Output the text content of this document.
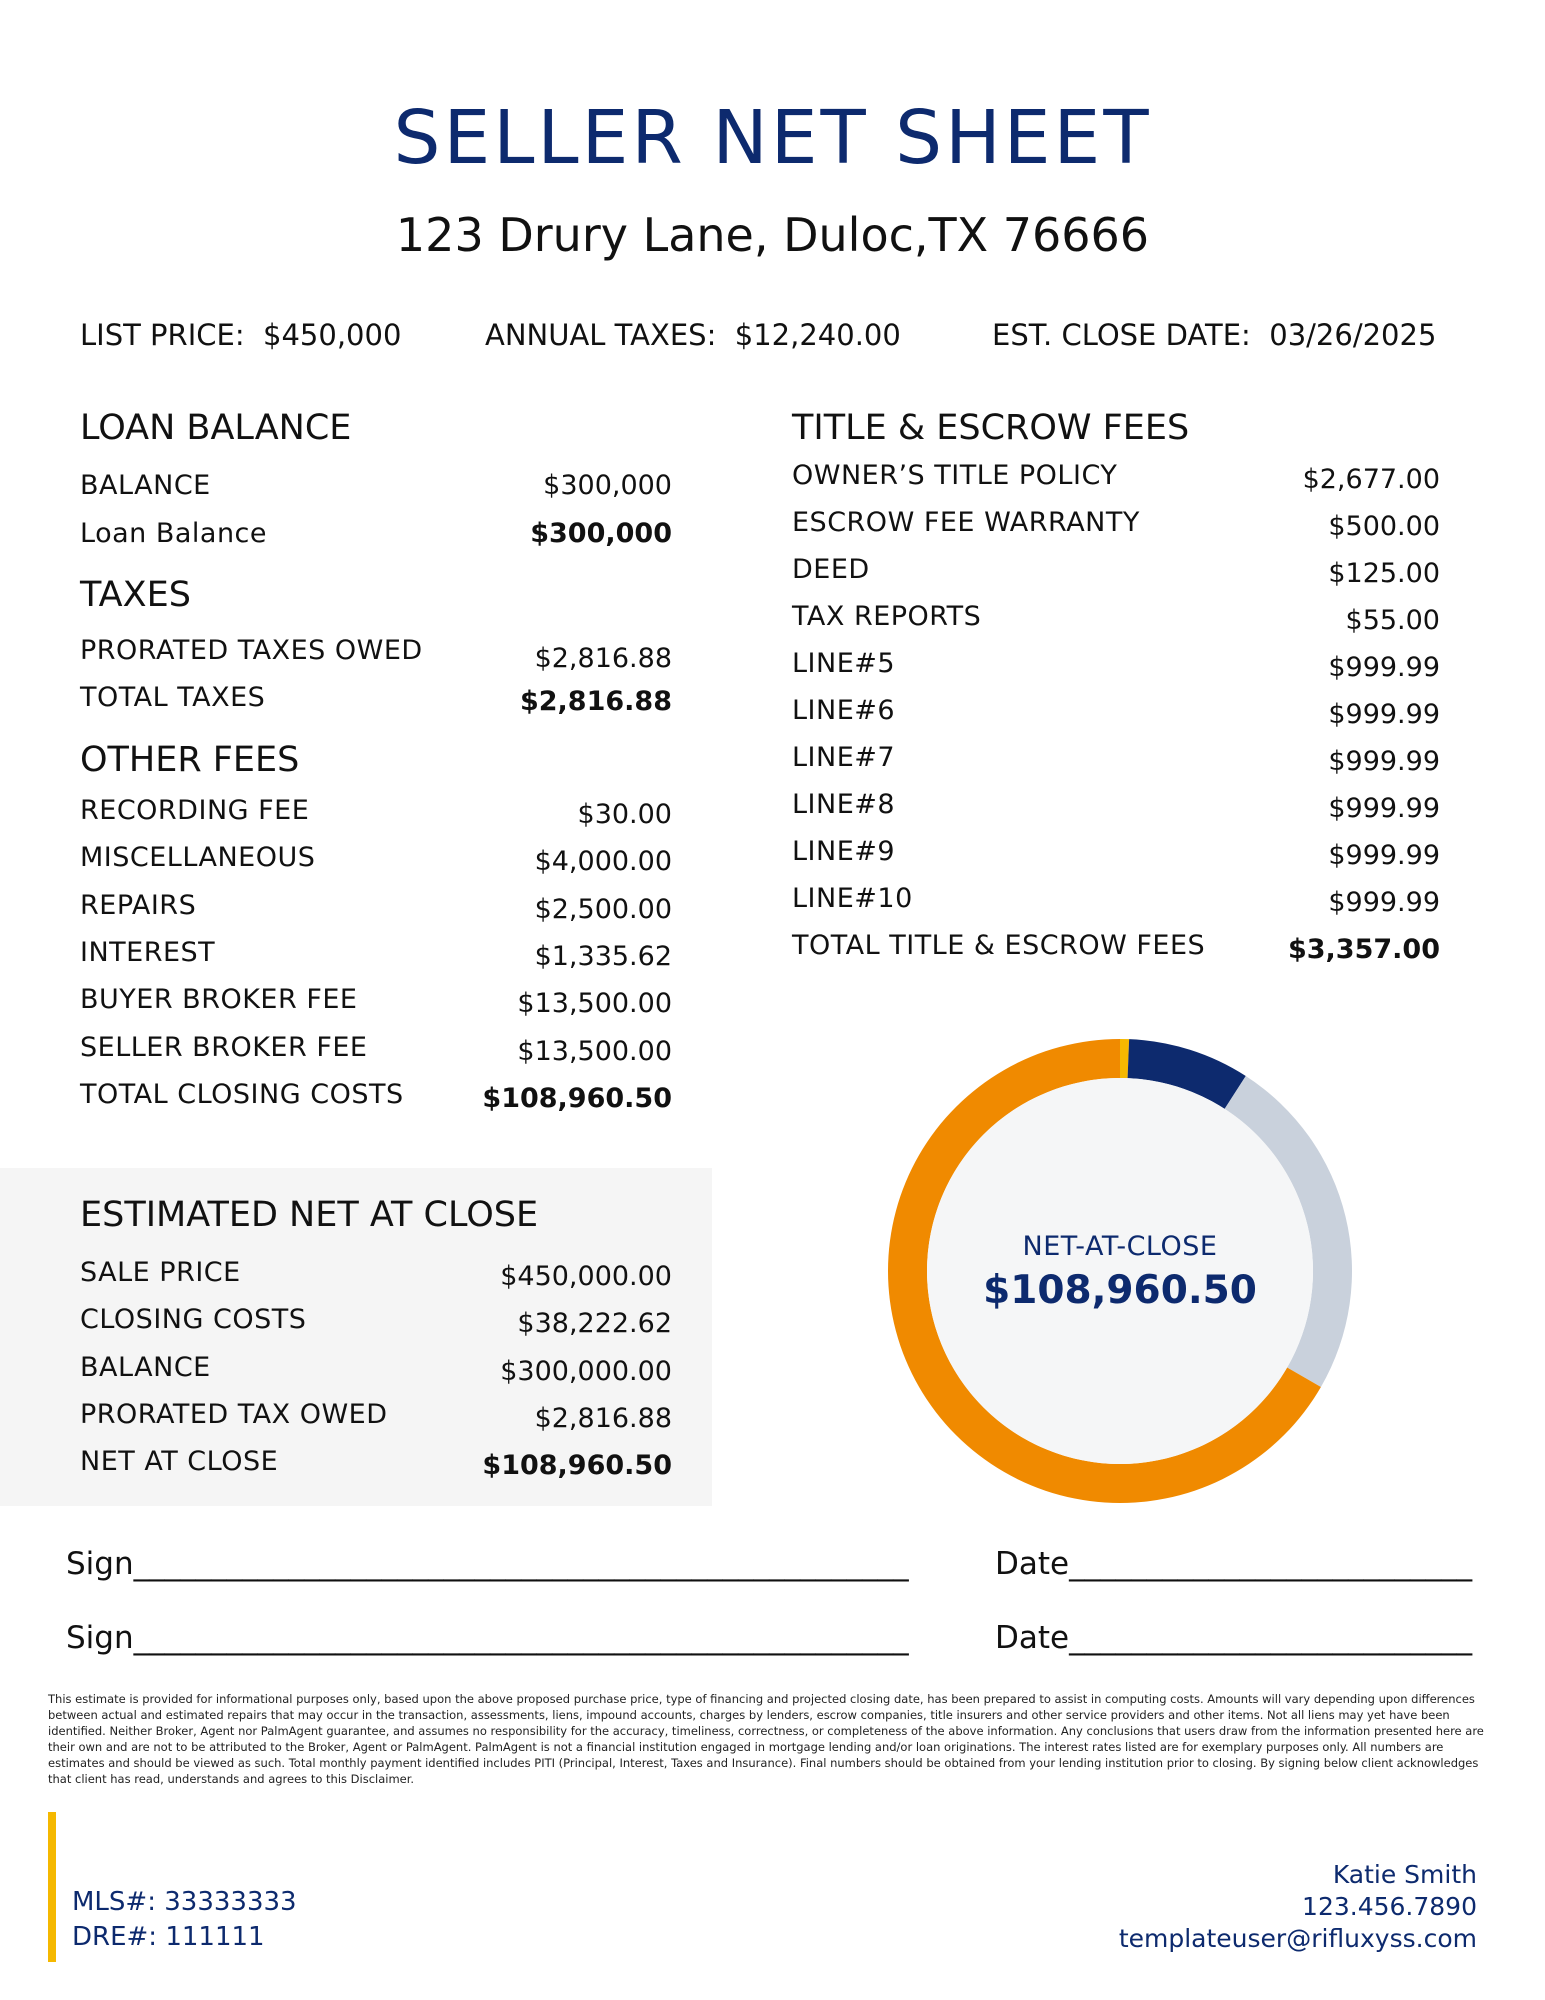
SELLER NET SHEET
123 Drury Lane, Duloc,TX 76666
LIST PRICE: $450,000	ANNUAL TAXES: $12,240.00	EST. CLOSE DATE: 03/26/2025
LOAN BALANCE
BALANCE	$300,000
Loan Balance	$300,000
TAXES
PRORATED TAXES OWED	$2,816.88
TOTAL TAXES	$2,816.88
OTHER FEES
RECORDING FEE	$30.00
MISCELLANEOUS	$4,000.00
REPAIRS	$2,500.00
INTEREST	$1,335.62
BUYER BROKER FEE	$13,500.00
SELLER BROKER FEE	$13,500.00
TOTAL CLOSING COSTS	$108,960.50
TITLE & ESCROW FEES
OWNER’S TITLE POLICY	$2,677.00
ESCROW FEE WARRANTY	$500.00
DEED	$125.00
TAX REPORTS	$55.00
LINE#5	$999.99
LINE#6	$999.99
LINE#7	$999.99
LINE#8	$999.99
LINE#9	$999.99
LINE#10	$999.99
TOTAL TITLE & ESCROW FEES	$3,357.00
ESTIMATED NET AT CLOSE
SALE PRICE	$450,000.00
CLOSING COSTS	$38,222.62
BALANCE	$300,000.00
PRORATED TAX OWED	$2,816.88
NET AT CLOSE	$108,960.50
NET-AT-CLOSE
$108,960.50
Sign__________________________________________________	Date__________________________
Sign__________________________________________________	Date__________________________
This estimate is provided for informational purposes only, based upon the above proposed purchase price, type of financing and projected closing date, has been prepared to assist in computing costs. Amounts will vary depending upon differences between actual and estimated repairs that may occur in the transaction, assessments, liens, impound accounts, charges by lenders, escrow companies, title insurers and other service providers and other items. Not all liens may yet have been identified. Neither Broker, Agent nor PalmAgent guarantee, and assumes no responsibility for the accuracy, timeliness, correctness, or completeness of the above information. Any conclusions that users draw from the information presented here are their own and are not to be attributed to the Broker, Agent or PalmAgent. PalmAgent is not a financial institution engaged in mortgage lending and/or loan originations. The interest rates listed are for exemplary purposes only. All numbers are estimates and should be viewed as such. Total monthly payment identified includes PITI (Principal, Interest, Taxes and Insurance). Final numbers should be obtained from your lending institution prior to closing. By signing below client acknowledges that client has read, understands and agrees to this Disclaimer.
MLS#: 33333333
DRE#: 111111
Katie Smith
123.456.7890
templateuser@rifluxyss.com
